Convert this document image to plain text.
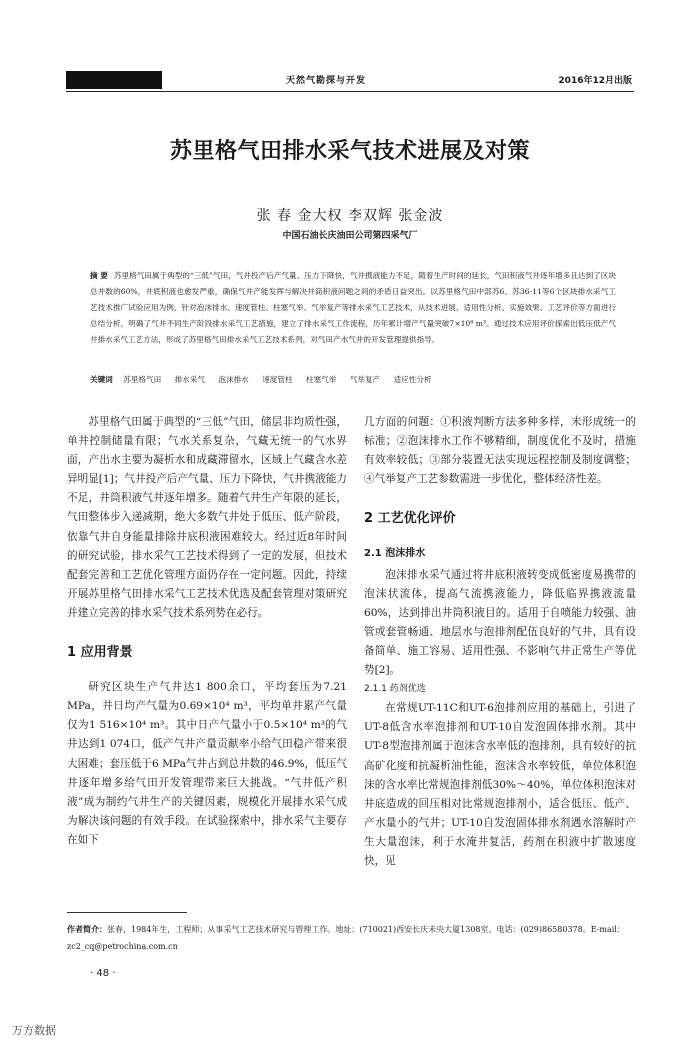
天然气勘探与开发	2016年12月出版
苏里格气田排水采气技术进展及对策
张 春 金大权 李双辉 张金波
中国石油长庆油田公司第四采气厂
摘 要 苏里格气田属于典型的“三低”气田，气井投产后产气量、压力下降快，气井携液能力不足，随着生产时间的延长，气田积液气井逐年增多且达到了区块总井数的60%，井底积液也愈发严重，确保气井产能发挥与解决井筒积液问题之间的矛盾日益突出。以苏里格气田中部苏6、苏36-11等6个区块排水采气工艺技术推广试验应用为例，针对泡沫排水、速度管柱、柱塞气举、气举复产等排水采气工艺技术，从技术进展、适用性分析、实施效果、工艺评价等方面进行总结分析，明确了气井不同生产阶段排水采气工艺措施，建立了排水采气工作流程，历年累计增产气量突破7×10⁸ m³。通过技术应用评价探索出低压低产气井排水采气工艺方法，形成了苏里格气田排水采气工艺技术系列，对气田产水气井的开发管理提供指导。
关键词 苏里格气田 排水采气 泡沫排水 速度管柱 柱塞气举 气举复产 适应性分析

苏里格气田属于典型的“三低”气田，储层非均质性强，单井控制储量有限；气水关系复杂，气藏无统一的气水界面，产出水主要为凝析水和成藏滞留水，区域上气藏含水差异明显[1]；气井投产后产气量、压力下降快，气井携液能力不足，井筒积液气井逐年增多。随着气井生产年限的延长，气田整体步入递减期，绝大多数气井处于低压、低产阶段，依靠气井自身能量排除井底积液困难较大。经过近8年时间的研究试验，排水采气工艺技术得到了一定的发展，但技术配套完善和工艺优化管理方面仍存在一定问题。因此，持续开展苏里格气田排水采气工艺技术优选及配套管理对策研究并建立完善的排水采气技术系列势在必行。

1 应用背景

研究区块生产气井达1 800余口，平均套压为7.21 MPa，井日均产气量为0.69×10⁴ m³，平均单井累产气量仅为1 516×10⁴ m³。其中日产气量小于0.5×10⁴ m³的气井达到1 074口，低产气井产量贡献率小给气田稳产带来很大困难；套压低于6 MPa气井占到总井数的46.9%，低压气井逐年增多给气田开发管理带来巨大挑战。“气井低产积液”成为制约气井生产的关键因素，规模化开展排水采气成为解决该问题的有效手段。在试验探索中，排水采气主要存在如下

几方面的问题：①积液判断方法多种多样，未形成统一的标准；②泡沫排水工作不够精细，制度优化不及时，措施有效率较低；③部分装置无法实现远程控制及制度调整；④气举复产工艺参数需进一步优化，整体经济性差。

2 工艺优化评价
2.1 泡沫排水

泡沫排水采气通过将井底积液转变成低密度易携带的泡沫状流体，提高气流携液能力，降低临界携液流量60%，达到排出井筒积液目的。适用于自喷能力较强、油管或套管畅通、地层水与泡排剂配伍良好的气井，具有设备简单、施工容易、适用性强、不影响气井正常生产等优势[2]。

2.1.1 药剂优选

在常规UT-11C和UT-6泡排剂应用的基础上，引进了UT-8低含水率泡排剂和UT-10自发泡固体排水剂。其中UT-8型泡排剂属于泡沫含水率低的泡排剂，具有较好的抗高矿化度和抗凝析油性能，泡沫含水率较低，单位体积泡沫的含水率比常规泡排剂低30%～40%，单位体积泡沫对井底造成的回压相对比常规泡排剂小，适合低压、低产、产水量小的气井；UT-10自发泡固体排水剂遇水溶解时产生大量泡沫，利于水淹井复活，药剂在积液中扩散速度快，见

作者简介：张春，1984年生，工程师；从事采气工艺技术研究与管理工作。地址：(710021)西安长庆未央大厦1308室。电话：(029)86580378。E-mail：zc2_cq@petrochina.com.cn
· 48 ·
万方数据
